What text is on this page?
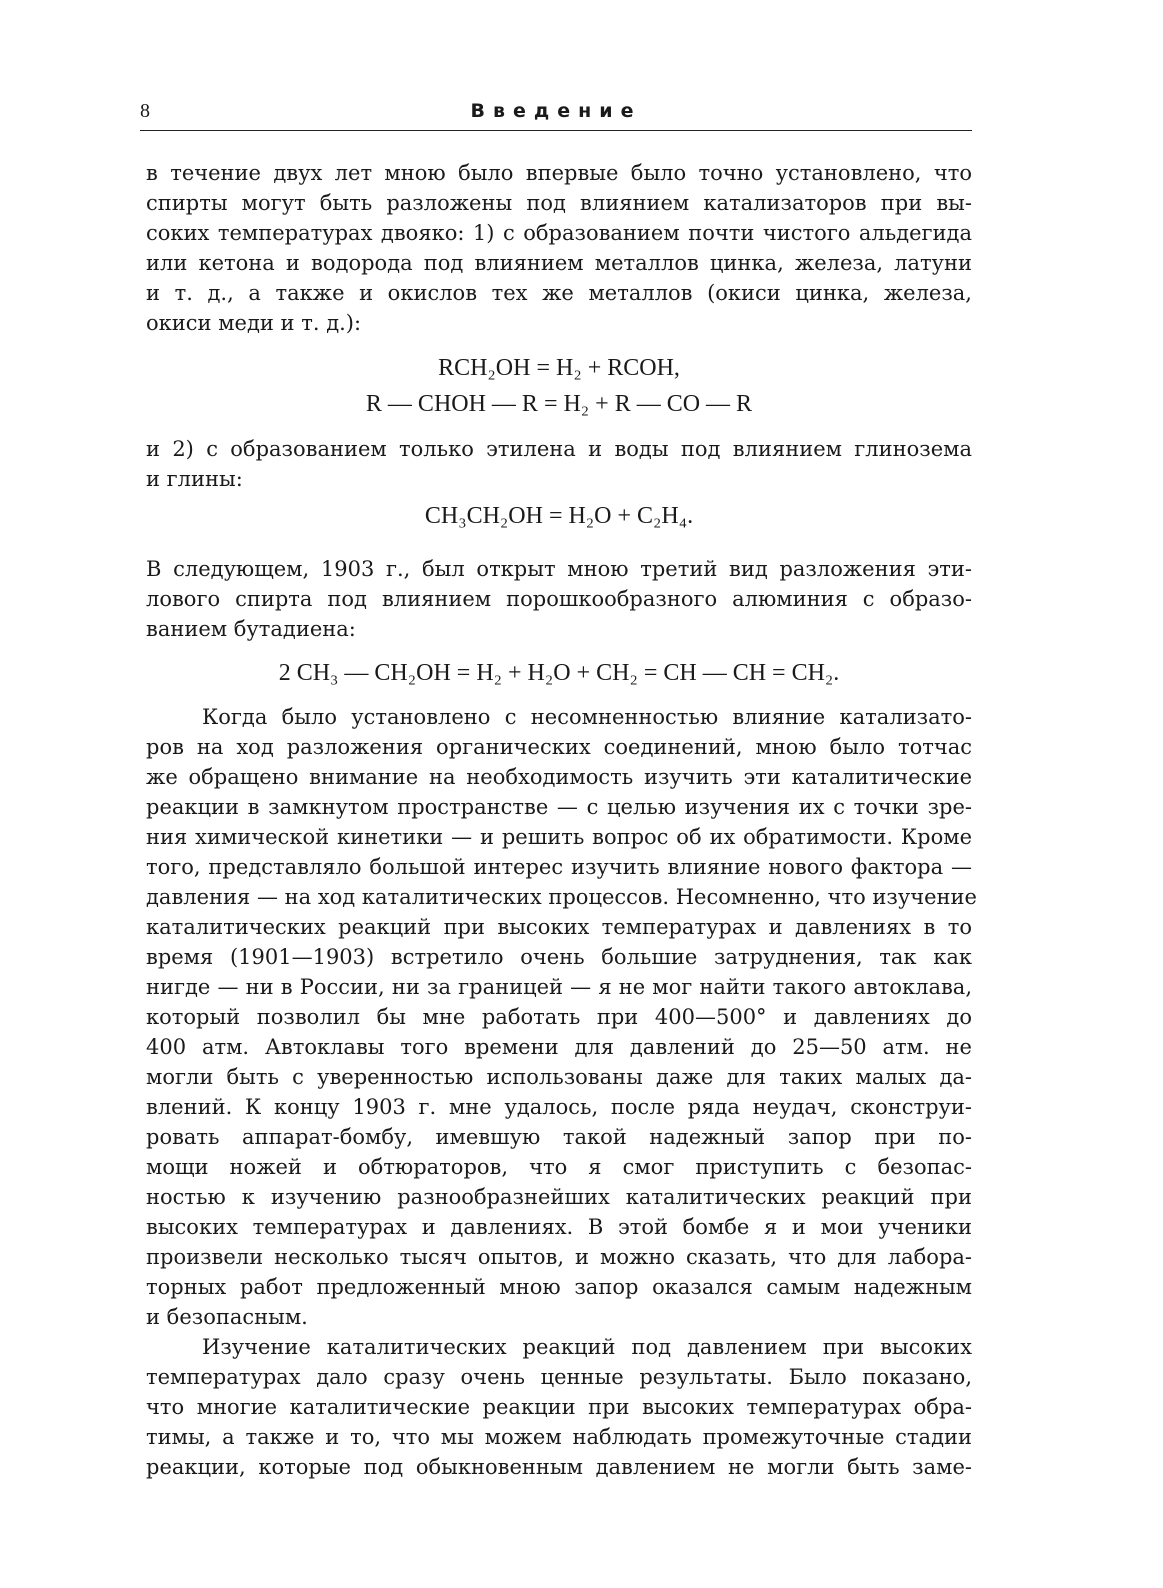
8	Введение
в течение двух лет мною было впервые было точно установлено, что
спирты могут быть разложены под влиянием катализаторов при вы-
соких температурах двояко: 1) с образованием почти чистого альдегида
или кетона и водорода под влиянием металлов цинка, железа, латуни
и т. д., а также и окислов тех же металлов (окиси цинка, железа,
окиси меди и т. д.):
RCH₂OH = H₂ + RCOH,
R — CHOH — R = H₂ + R — CO — R
и 2) с образованием только этилена и воды под влиянием глинозема
и глины:
CH₃CH₂OH = H₂O + C₂H₄.
В следующем, 1903 г., был открыт мною третий вид разложения эти-
лового спирта под влиянием порошкообразного алюминия с образо-
ванием бутадиена:
2 CH₃ — CH₂OH = H₂ + H₂O + CH₂ = CH — CH = CH₂.
Когда было установлено с несомненностью влияние катализато-
ров на ход разложения органических соединений, мною было тотчас
же обращено внимание на необходимость изучить эти каталитические
реакции в замкнутом пространстве — с целью изучения их с точки зре-
ния химической кинетики — и решить вопрос об их обратимости. Кроме
того, представляло большой интерес изучить влияние нового фактора —
давления — на ход каталитических процессов. Несомненно, что изучение
каталитических реакций при высоких температурах и давлениях в то
время (1901—1903) встретило очень большие затруднения, так как
нигде — ни в России, ни за границей — я не мог найти такого автоклава,
который позволил бы мне работать при 400—500° и давлениях до
400 атм. Автоклавы того времени для давлений до 25—50 атм. не
могли быть с уверенностью использованы даже для таких малых да-
влений. К концу 1903 г. мне удалось, после ряда неудач, сконструи-
ровать аппарат-бомбу, имевшую такой надежный запор при по-
мощи ножей и обтюраторов, что я смог приступить с безопас-
ностью к изучению разнообразнейших каталитических реакций при
высоких температурах и давлениях. В этой бомбе я и мои ученики
произвели несколько тысяч опытов, и можно сказать, что для лабора-
торных работ предложенный мною запор оказался самым надежным
и безопасным.
Изучение каталитических реакций под давлением при высоких
температурах дало сразу очень ценные результаты. Было показано,
что многие каталитические реакции при высоких температурах обра-
тимы, а также и то, что мы можем наблюдать промежуточные стадии
реакции, которые под обыкновенным давлением не могли быть заме-
